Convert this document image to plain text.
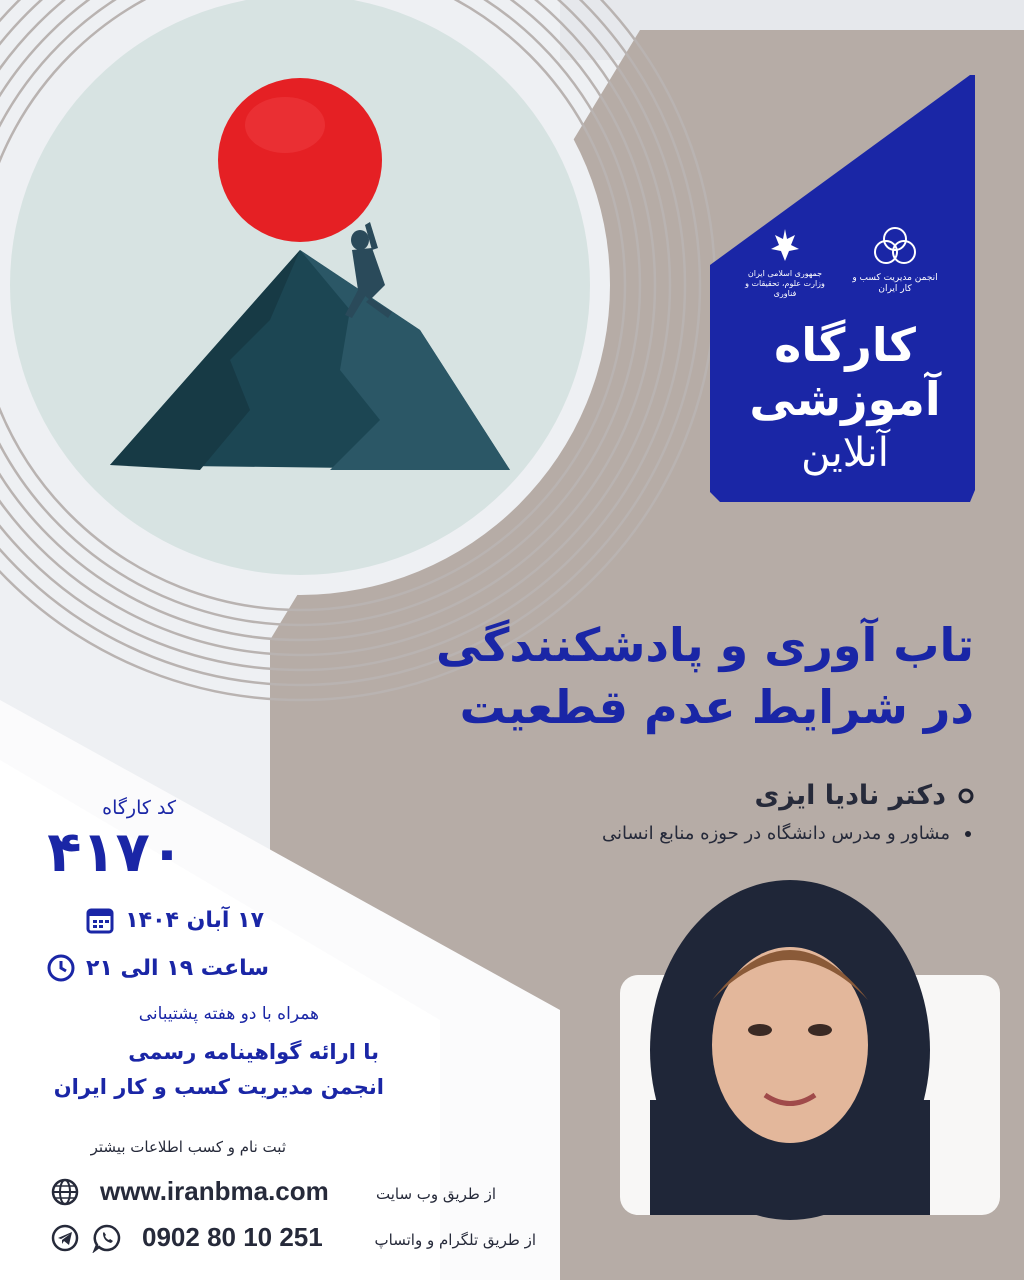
جمهوری اسلامی ایران
وزارت علوم، تحقیقات و فناوری
انجمن مدیریت کسب و کار ایران
کارگاه
آموزشی
آنلاین
تاب آوری و پادشکنندگی
در شرایط عدم قطعیت
دکتر نادیا ایزی
مشاور و مدرس دانشگاه در حوزه منابع انسانی
کد کارگاه
۴۱۷۰
۱۷ آبان ۱۴۰۴
ساعت ۱۹ الی ۲۱
همراه با دو هفته پشتیبانی
با ارائه گواهینامه رسمی
انجمن مدیریت کسب و کار ایران
ثبت نام و کسب اطلاعات بیشتر
www.iranbma.com	از طریق وب سایت
0902 80 10 251	از طریق تلگرام و واتساپ
